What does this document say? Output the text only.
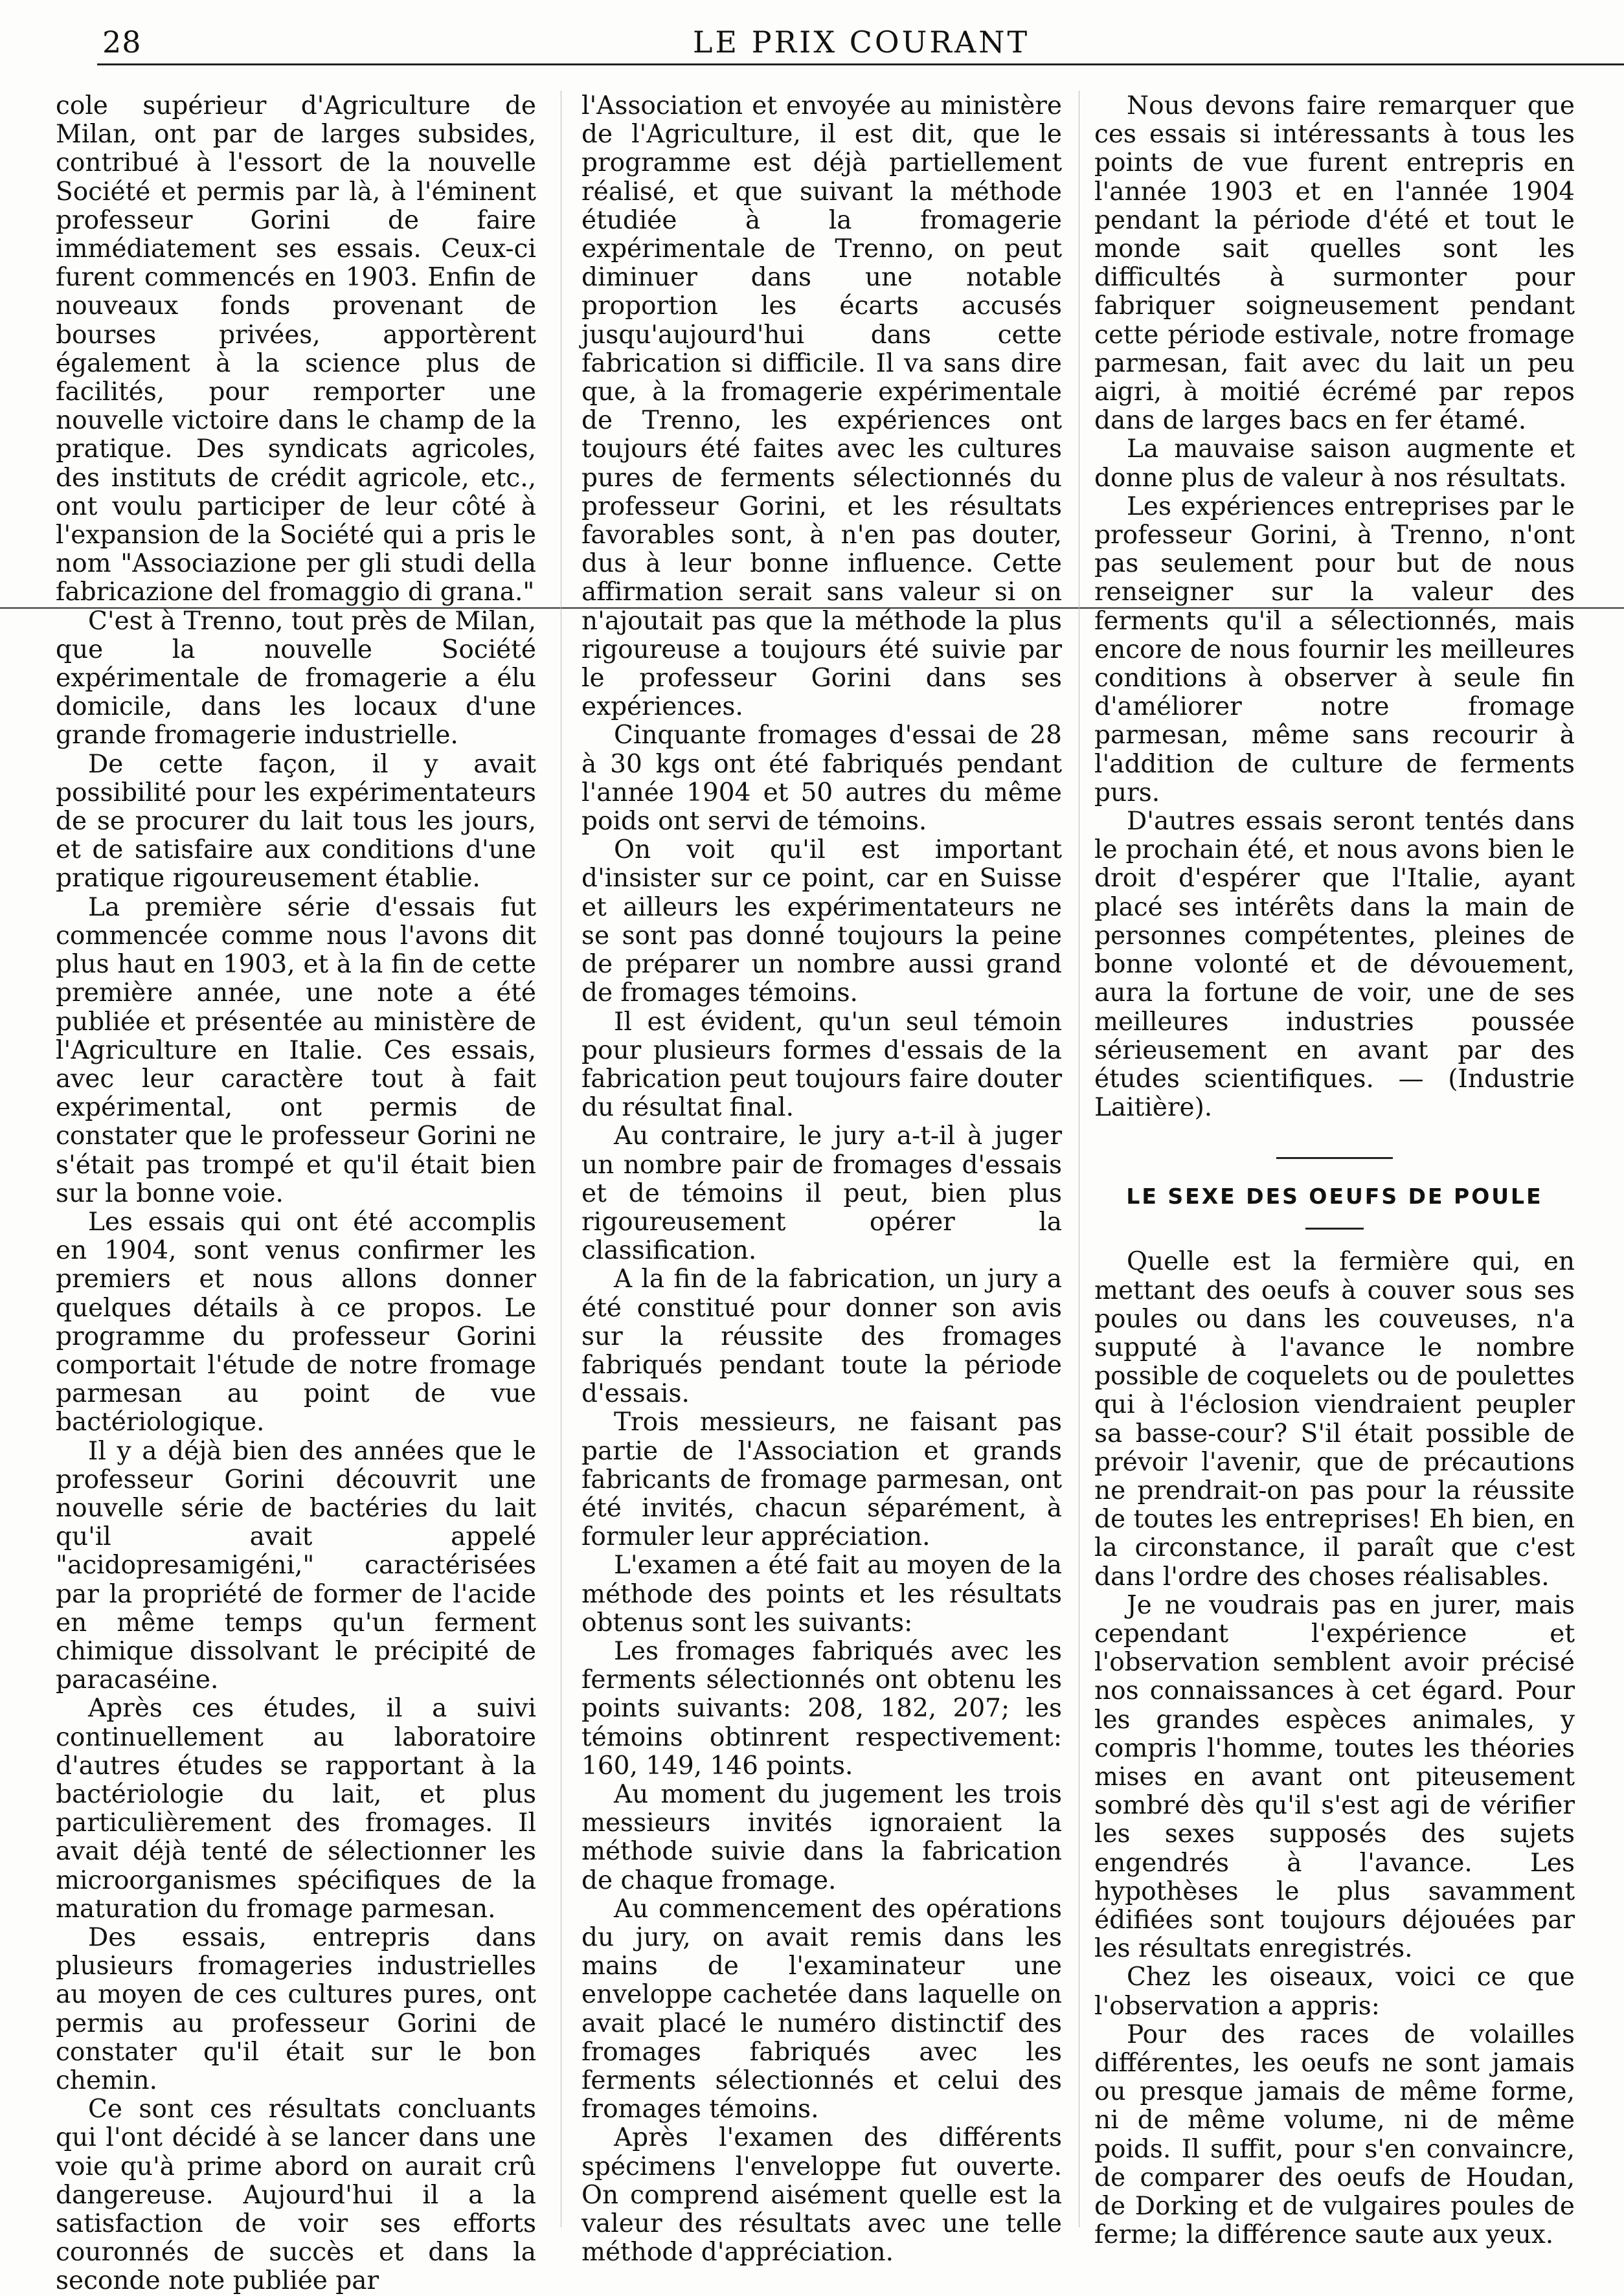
28	LE PRIX COURANT

cole supérieur d'Agriculture de Milan, ont par de larges subsides, contribué à l'essort de la nouvelle Société et permis par là, à l'éminent professeur Gorini de faire immédiatement ses essais. Ceux-ci furent commencés en 1903. Enfin de nouveaux fonds provenant de bourses privées, apportèrent également à la science plus de facilités, pour remporter une nouvelle victoire dans le champ de la pratique. Des syndicats agricoles, des instituts de crédit agricole, etc., ont voulu participer de leur côté à l'expansion de la Société qui a pris le nom "Associazione per gli studi della fabricazione del fromaggio di grana."

C'est à Trenno, tout près de Milan, que la nouvelle Société expérimentale de fromagerie a élu domicile, dans les locaux d'une grande fromagerie industrielle.

De cette façon, il y avait possibilité pour les expérimentateurs de se procurer du lait tous les jours, et de satisfaire aux conditions d'une pratique rigoureusement établie.

La première série d'essais fut commencée comme nous l'avons dit plus haut en 1903, et à la fin de cette première année, une note a été publiée et présentée au ministère de l'Agriculture en Italie. Ces essais, avec leur caractère tout à fait expérimental, ont permis de constater que le professeur Gorini ne s'était pas trompé et qu'il était bien sur la bonne voie.

Les essais qui ont été accomplis en 1904, sont venus confirmer les premiers et nous allons donner quelques détails à ce propos. Le programme du professeur Gorini comportait l'étude de notre fromage parmesan au point de vue bactériologique.

Il y a déjà bien des années que le professeur Gorini découvrit une nouvelle série de bactéries du lait qu'il avait appelé "acidopresamigéni," caractérisées par la propriété de former de l'acide en même temps qu'un ferment chimique dissolvant le précipité de paracaséine.

Après ces études, il a suivi continuellement au laboratoire d'autres études se rapportant à la bactériologie du lait, et plus particulièrement des fromages. Il avait déjà tenté de sélectionner les microorganismes spécifiques de la maturation du fromage parmesan.

Des essais, entrepris dans plusieurs fromageries industrielles au moyen de ces cultures pures, ont permis au professeur Gorini de constater qu'il était sur le bon chemin.

Ce sont ces résultats concluants qui l'ont décidé à se lancer dans une voie qu'à prime abord on aurait crû dangereuse. Aujourd'hui il a la satisfaction de voir ses efforts couronnés de succès et dans la seconde note publiée par

l'Association et envoyée au ministère de l'Agriculture, il est dit, que le programme est déjà partiellement réalisé, et que suivant la méthode étudiée à la fromagerie expérimentale de Trenno, on peut diminuer dans une notable proportion les écarts accusés jusqu'aujourd'hui dans cette fabrication si difficile. Il va sans dire que, à la fromagerie expérimentale de Trenno, les expériences ont toujours été faites avec les cultures pures de ferments sélectionnés du professeur Gorini, et les résultats favorables sont, à n'en pas douter, dus à leur bonne influence. Cette affirmation serait sans valeur si on n'ajoutait pas que la méthode la plus rigoureuse a toujours été suivie par le professeur Gorini dans ses expériences.

Cinquante fromages d'essai de 28 à 30 kgs ont été fabriqués pendant l'année 1904 et 50 autres du même poids ont servi de témoins.

On voit qu'il est important d'insister sur ce point, car en Suisse et ailleurs les expérimentateurs ne se sont pas donné toujours la peine de préparer un nombre aussi grand de fromages témoins.

Il est évident, qu'un seul témoin pour plusieurs formes d'essais de la fabrication peut toujours faire douter du résultat final.

Au contraire, le jury a-t-il à juger un nombre pair de fromages d'essais et de témoins il peut, bien plus rigoureusement opérer la classification.

A la fin de la fabrication, un jury a été constitué pour donner son avis sur la réussite des fromages fabriqués pendant toute la période d'essais.

Trois messieurs, ne faisant pas partie de l'Association et grands fabricants de fromage parmesan, ont été invités, chacun séparément, à formuler leur appréciation.

L'examen a été fait au moyen de la méthode des points et les résultats obtenus sont les suivants:

Les fromages fabriqués avec les ferments sélectionnés ont obtenu les points suivants: 208, 182, 207; les témoins obtinrent respectivement: 160, 149, 146 points.

Au moment du jugement les trois messieurs invités ignoraient la méthode suivie dans la fabrication de chaque fromage.

Au commencement des opérations du jury, on avait remis dans les mains de l'examinateur une enveloppe cachetée dans laquelle on avait placé le numéro distinctif des fromages fabriqués avec les ferments sélectionnés et celui des fromages témoins.

Après l'examen des différents spécimens l'enveloppe fut ouverte. On comprend aisément quelle est la valeur des résultats avec une telle méthode d'appréciation.

Nous devons faire remarquer que ces essais si intéressants à tous les points de vue furent entrepris en l'année 1903 et en l'année 1904 pendant la période d'été et tout le monde sait quelles sont les difficultés à surmonter pour fabriquer soigneusement pendant cette période estivale, notre fromage parmesan, fait avec du lait un peu aigri, à moitié écrémé par repos dans de larges bacs en fer étamé.

La mauvaise saison augmente et donne plus de valeur à nos résultats.

Les expériences entreprises par le professeur Gorini, à Trenno, n'ont pas seulement pour but de nous renseigner sur la valeur des ferments qu'il a sélectionnés, mais encore de nous fournir les meilleures conditions à observer à seule fin d'améliorer notre fromage parmesan, même sans recourir à l'addition de culture de ferments purs.

D'autres essais seront tentés dans le prochain été, et nous avons bien le droit d'espérer que l'Italie, ayant placé ses intérêts dans la main de personnes compétentes, pleines de bonne volonté et de dévouement, aura la fortune de voir, une de ses meilleures industries poussée sérieusement en avant par des études scientifiques. — (Industrie Laitière).

LE SEXE DES OEUFS DE POULE

Quelle est la fermière qui, en mettant des oeufs à couver sous ses poules ou dans les couveuses, n'a supputé à l'avance le nombre possible de coquelets ou de poulettes qui à l'éclosion viendraient peupler sa basse-cour? S'il était possible de prévoir l'avenir, que de précautions ne prendrait-on pas pour la réussite de toutes les entreprises! Eh bien, en la circonstance, il paraît que c'est dans l'ordre des choses réalisables.

Je ne voudrais pas en jurer, mais cependant l'expérience et l'observation semblent avoir précisé nos connaissances à cet égard. Pour les grandes espèces animales, y compris l'homme, toutes les théories mises en avant ont piteusement sombré dès qu'il s'est agi de vérifier les sexes supposés des sujets engendrés à l'avance. Les hypothèses le plus savamment édifiées sont toujours déjouées par les résultats enregistrés.

Chez les oiseaux, voici ce que l'observation a appris:

Pour des races de volailles différentes, les oeufs ne sont jamais ou presque jamais de même forme, ni de même volume, ni de même poids. Il suffit, pour s'en convaincre, de comparer des oeufs de Houdan, de Dorking et de vulgaires poules de ferme; la différence saute aux yeux.
